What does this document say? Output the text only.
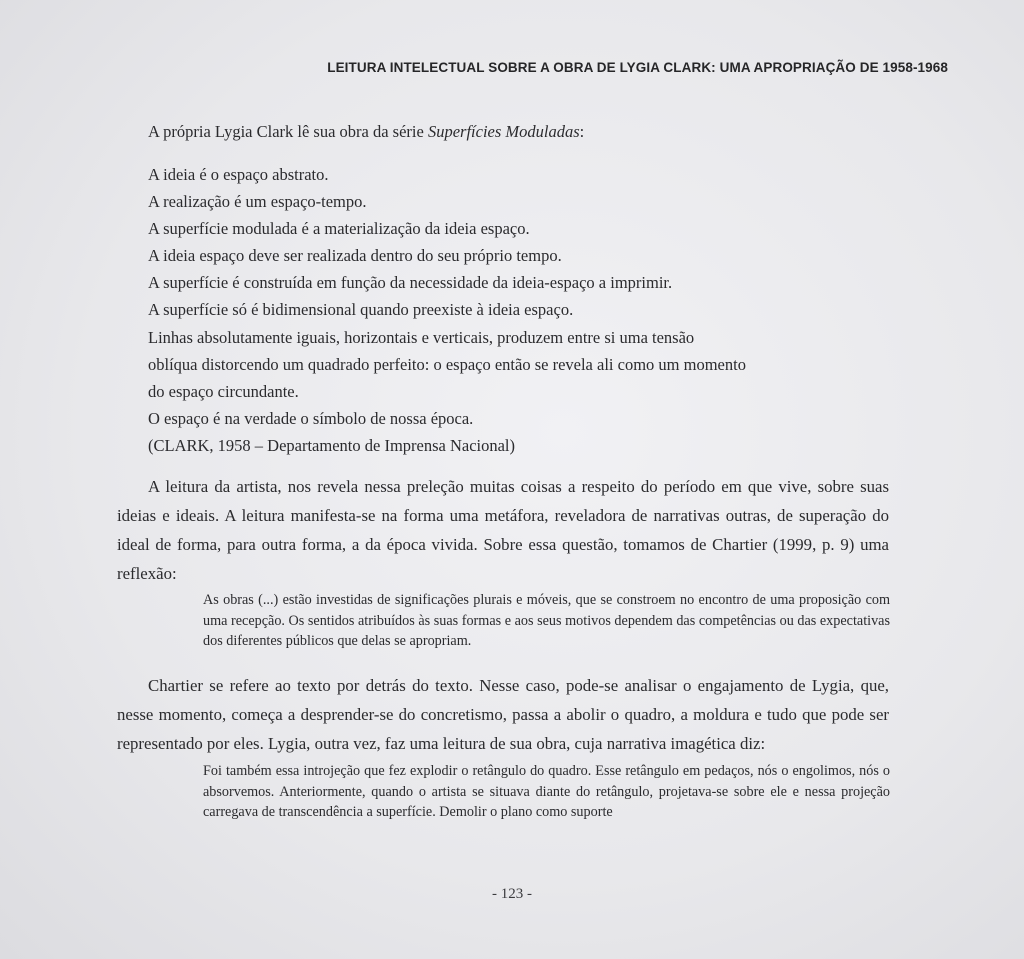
LEITURA INTELECTUAL SOBRE A OBRA DE LYGIA CLARK: UMA APROPRIAÇÃO DE 1958-1968
A própria Lygia Clark lê sua obra da série Superfícies Moduladas:
A ideia é o espaço abstrato.
A realização é um espaço-tempo.
A superfície modulada é a materialização da ideia espaço.
A ideia espaço deve ser realizada dentro do seu próprio tempo.
A superfície é construída em função da necessidade da ideia-espaço a imprimir.
A superfície só é bidimensional quando preexiste à ideia espaço.
Linhas absolutamente iguais, horizontais e verticais, produzem entre si uma tensão
oblíqua distorcendo um quadrado perfeito: o espaço então se revela ali como um momento
do espaço circundante.
O espaço é na verdade o símbolo de nossa época.
(CLARK, 1958 – Departamento de Imprensa Nacional)

A leitura da artista, nos revela nessa preleção muitas coisas a respeito do período em que vive, sobre suas ideias e ideais. A leitura manifesta-se na forma uma metáfora, reveladora de narrativas outras, de superação do ideal de forma, para outra forma, a da época vivida. Sobre essa questão, tomamos de Chartier (1999, p. 9) uma reflexão:

As obras (...) estão investidas de significações plurais e móveis, que se constroem no encontro de uma proposição com uma recepção. Os sentidos atribuídos às suas formas e aos seus motivos dependem das competências ou das expectativas dos diferentes públicos que delas se apropriam.

Chartier se refere ao texto por detrás do texto. Nesse caso, pode-se analisar o engajamento de Lygia, que, nesse momento, começa a desprender-se do concretismo, passa a abolir o quadro, a moldura e tudo que pode ser representado por eles. Lygia, outra vez, faz uma leitura de sua obra, cuja narrativa imagética diz:

Foi também essa introjeção que fez explodir o retângulo do quadro. Esse retângulo em pedaços, nós o engolimos, nós o absorvemos. Anteriormente, quando o artista se situava diante do retângulo, projetava-se sobre ele e nessa projeção carregava de transcendência a superfície. Demolir o plano como suporte

- 123 -
